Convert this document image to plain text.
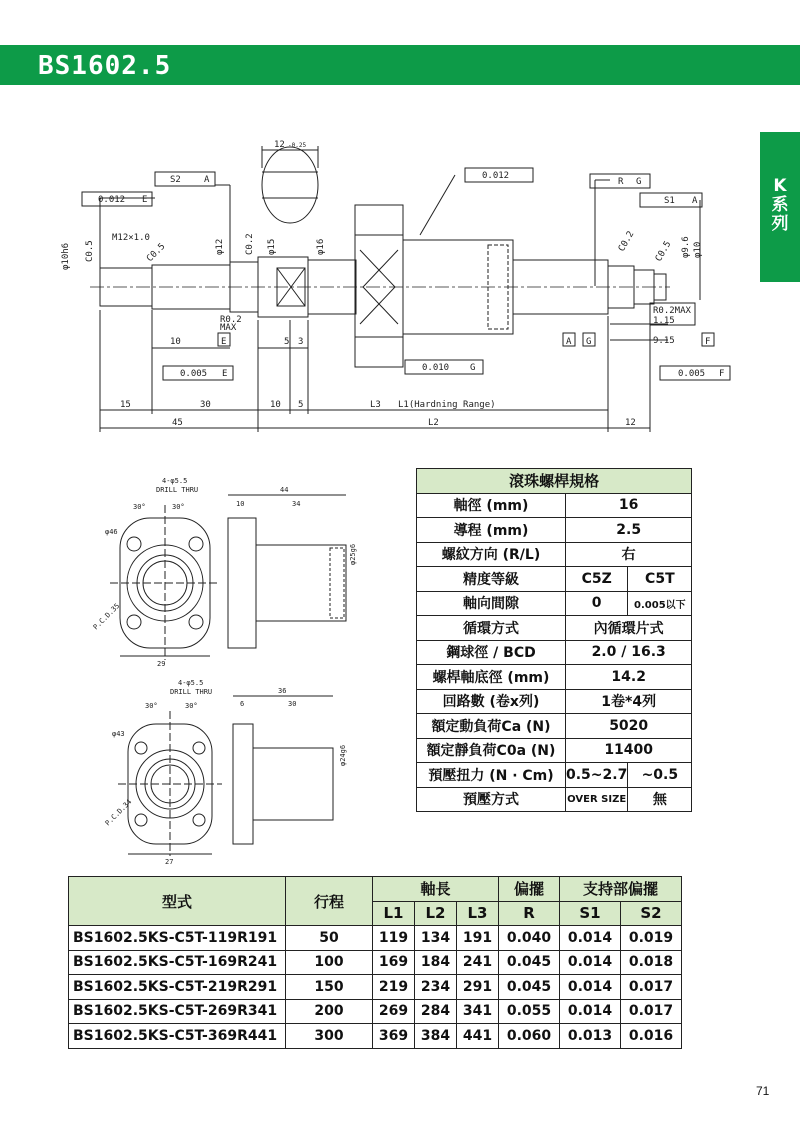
BS1602.5
K
系
列
S2	A
0.012 E
0.012
R G
S1 A
12 -0.25
M12×1.0
R0.2
MAX
R0.2MAX
1.15
9.15
E	A G	F
10	5 3
0.005 E
0.010 G
0.005 F
15	30	10 5	L3 L1(Hardning Range)
45	L2	12
φ10h6 C0.5	C0.5	φ12 C0.2 φ15	φ16	C0.2 C0.5 φ9.6 φ10
4-φ5.5
DRILL THRU
30°	30°
φ46
P.C.D.35
29
44
10	34
φ25g6
4-φ5.5
DRILL THRU
30°	30°
φ43
P.C.D.34
27
36
6	30
φ24g6
滾珠螺桿規格		
軸徑 (mm)	16	
導程 (mm)	2.5	
螺紋方向 (R/L)	右	
精度等級	C5Z	C5T
軸向間隙	0	0.005以下
循環方式	內循環片式	
鋼球徑 / BCD	2.0 / 16.3	
螺桿軸底徑 (mm)	14.2	
回路數 (卷x列)	1卷*4列	
額定動負荷Ca (N)	5020	
額定靜負荷C0a (N)	11400	
預壓扭力 (N · Cm)	0.5~2.7	~0.5
預壓方式	OVER SIZE	無
型式	行程	軸長			偏擺	支持部偏擺	
		L1	L2	L3	R	S1	S2
BS1602.5KS-C5T-119R191	50	119	134	191	0.040	0.014	0.019
BS1602.5KS-C5T-169R241	100	169	184	241	0.045	0.014	0.018
BS1602.5KS-C5T-219R291	150	219	234	291	0.045	0.014	0.017
BS1602.5KS-C5T-269R341	200	269	284	341	0.055	0.014	0.017
BS1602.5KS-C5T-369R441	300	369	384	441	0.060	0.013	0.016
71
